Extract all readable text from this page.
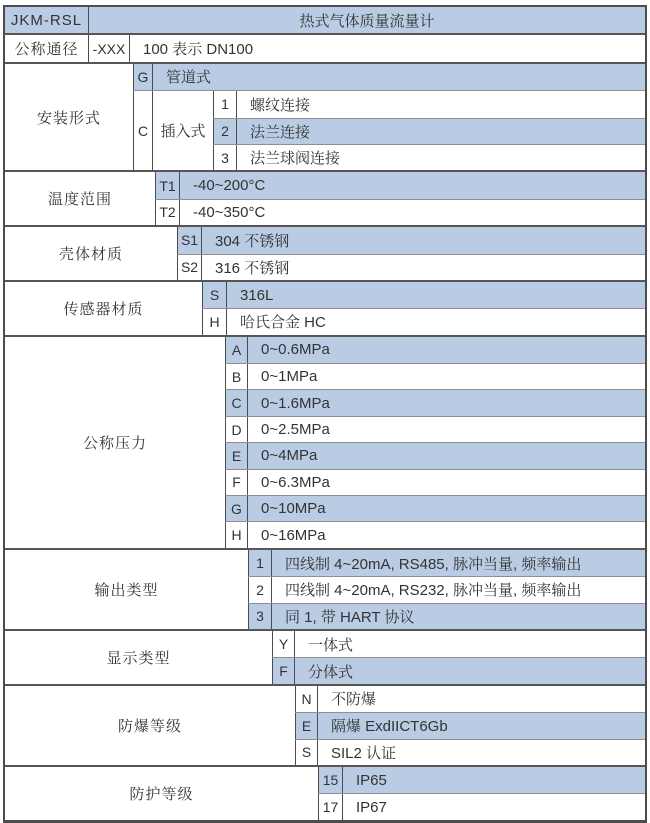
JKM-RSL	热式气体质量流量计
公称通径	-XXX	100 表示 DN100
安装形式
G	管道式
C 插入式
1	螺纹连接
2	法兰连接
3	法兰球阀连接
温度范围
T1	-40~200°C
T2	-40~350°C
壳体材质
S1	304 不锈钢
S2	316 不锈钢
传感器材质
S	316L
H	哈氏合金 HC
公称压力
A	0~0.6MPa
B	0~1MPa
C	0~1.6MPa
D	0~2.5MPa
E	0~4MPa
F	0~6.3MPa
G	0~10MPa
H	0~16MPa
输出类型
1	四线制 4~20mA, RS485, 脉冲当量, 频率输出
2	四线制 4~20mA, RS232, 脉冲当量, 频率输出
3	同 1, 带 HART 协议
显示类型
Y	一体式
F	分体式
防爆等级
N	不防爆
E	隔爆 ExdIICT6Gb
S	SIL2 认证
防护等级
15	IP65
17	IP67
